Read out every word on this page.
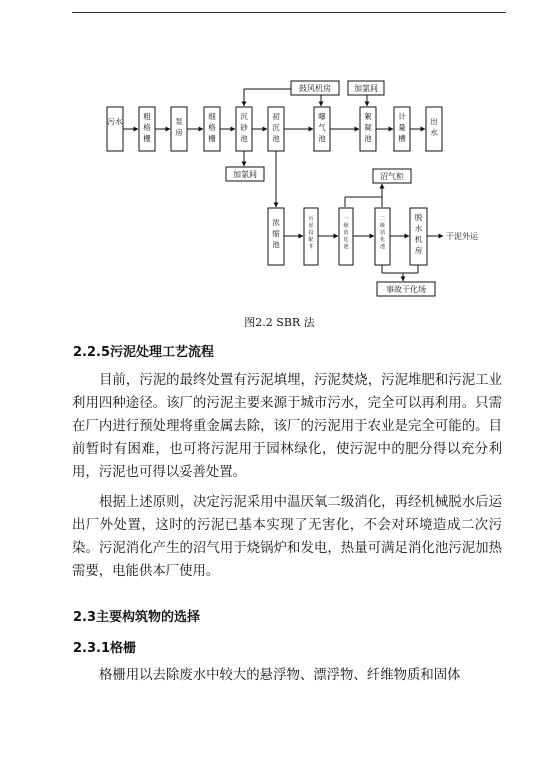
污水
粗格栅
泵房
细格栅
沉砂池
初沉池
曝气池
絮凝池
计量槽
出水
鼓风机房	加氯间
加氯间	沼气柜
浓缩池
污泥投配井
一级消化池
二级消化池
脱水机房
事故干化场
干泥外运
图2.2 SBR 法
2.2.5污泥处理工艺流程

目前，污泥的最终处置有污泥填埋，污泥焚烧，污泥堆肥和污泥工业利用四种途径。该厂的污泥主要来源于城市污水，完全可以再利用。只需在厂内进行预处理将重金属去除，该厂的污泥用于农业是完全可能的。目前暂时有困难，也可将污泥用于园林绿化，使污泥中的肥分得以充分利用，污泥也可得以妥善处置。

根据上述原则，决定污泥采用中温厌氧二级消化，再经机械脱水后运出厂外处置，这时的污泥已基本实现了无害化，不会对环境造成二次污染。污泥消化产生的沼气用于烧锅炉和发电，热量可满足消化池污泥加热需要，电能供本厂使用。

2.3主要构筑物的选择
2.3.1格栅

格栅用以去除废水中较大的悬浮物、漂浮物、纤维物质和固体
